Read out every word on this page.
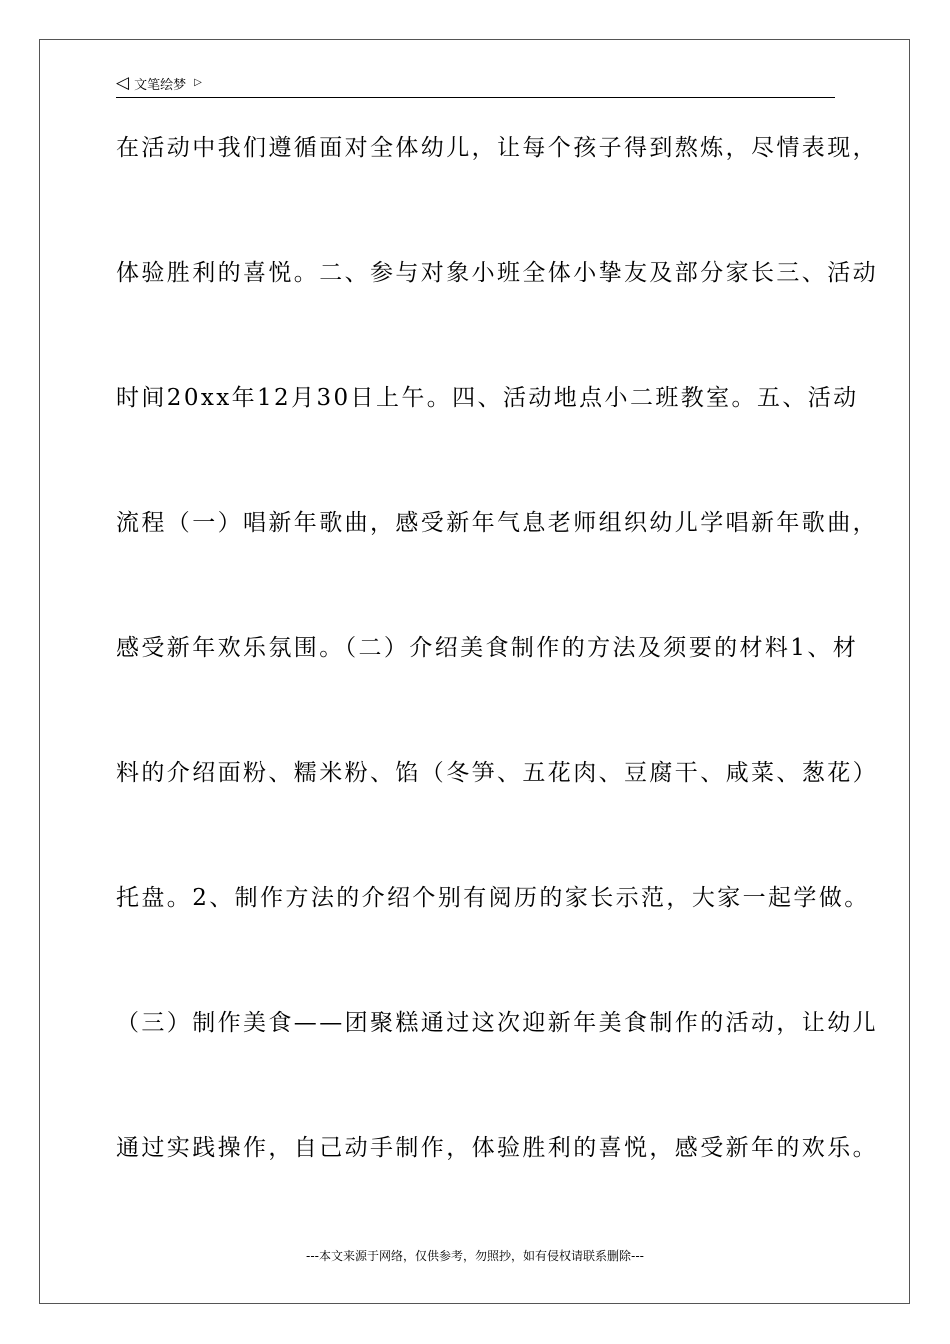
◁ 文笔绘梦 ▷
在活动中我们遵循面对全体幼儿，让每个孩子得到熬炼，尽情表现，
体验胜利的喜悦。二、参与对象小班全体小挚友及部分家长三、活动
时间20xx年12月30日上午。四、活动地点小二班教室。五、活动
流程（一）唱新年歌曲，感受新年气息老师组织幼儿学唱新年歌曲，
感受新年欢乐氛围。（二）介绍美食制作的方法及须要的材料1、材
料的介绍面粉、糯米粉、馅（冬笋、五花肉、豆腐干、咸菜、葱花）
托盘。2、制作方法的介绍个别有阅历的家长示范，大家一起学做。
（三）制作美食——团聚糕通过这次迎新年美食制作的活动，让幼儿
通过实践操作，自己动手制作，体验胜利的喜悦，感受新年的欢乐。
---本文来源于网络，仅供参考，勿照抄，如有侵权请联系删除---
